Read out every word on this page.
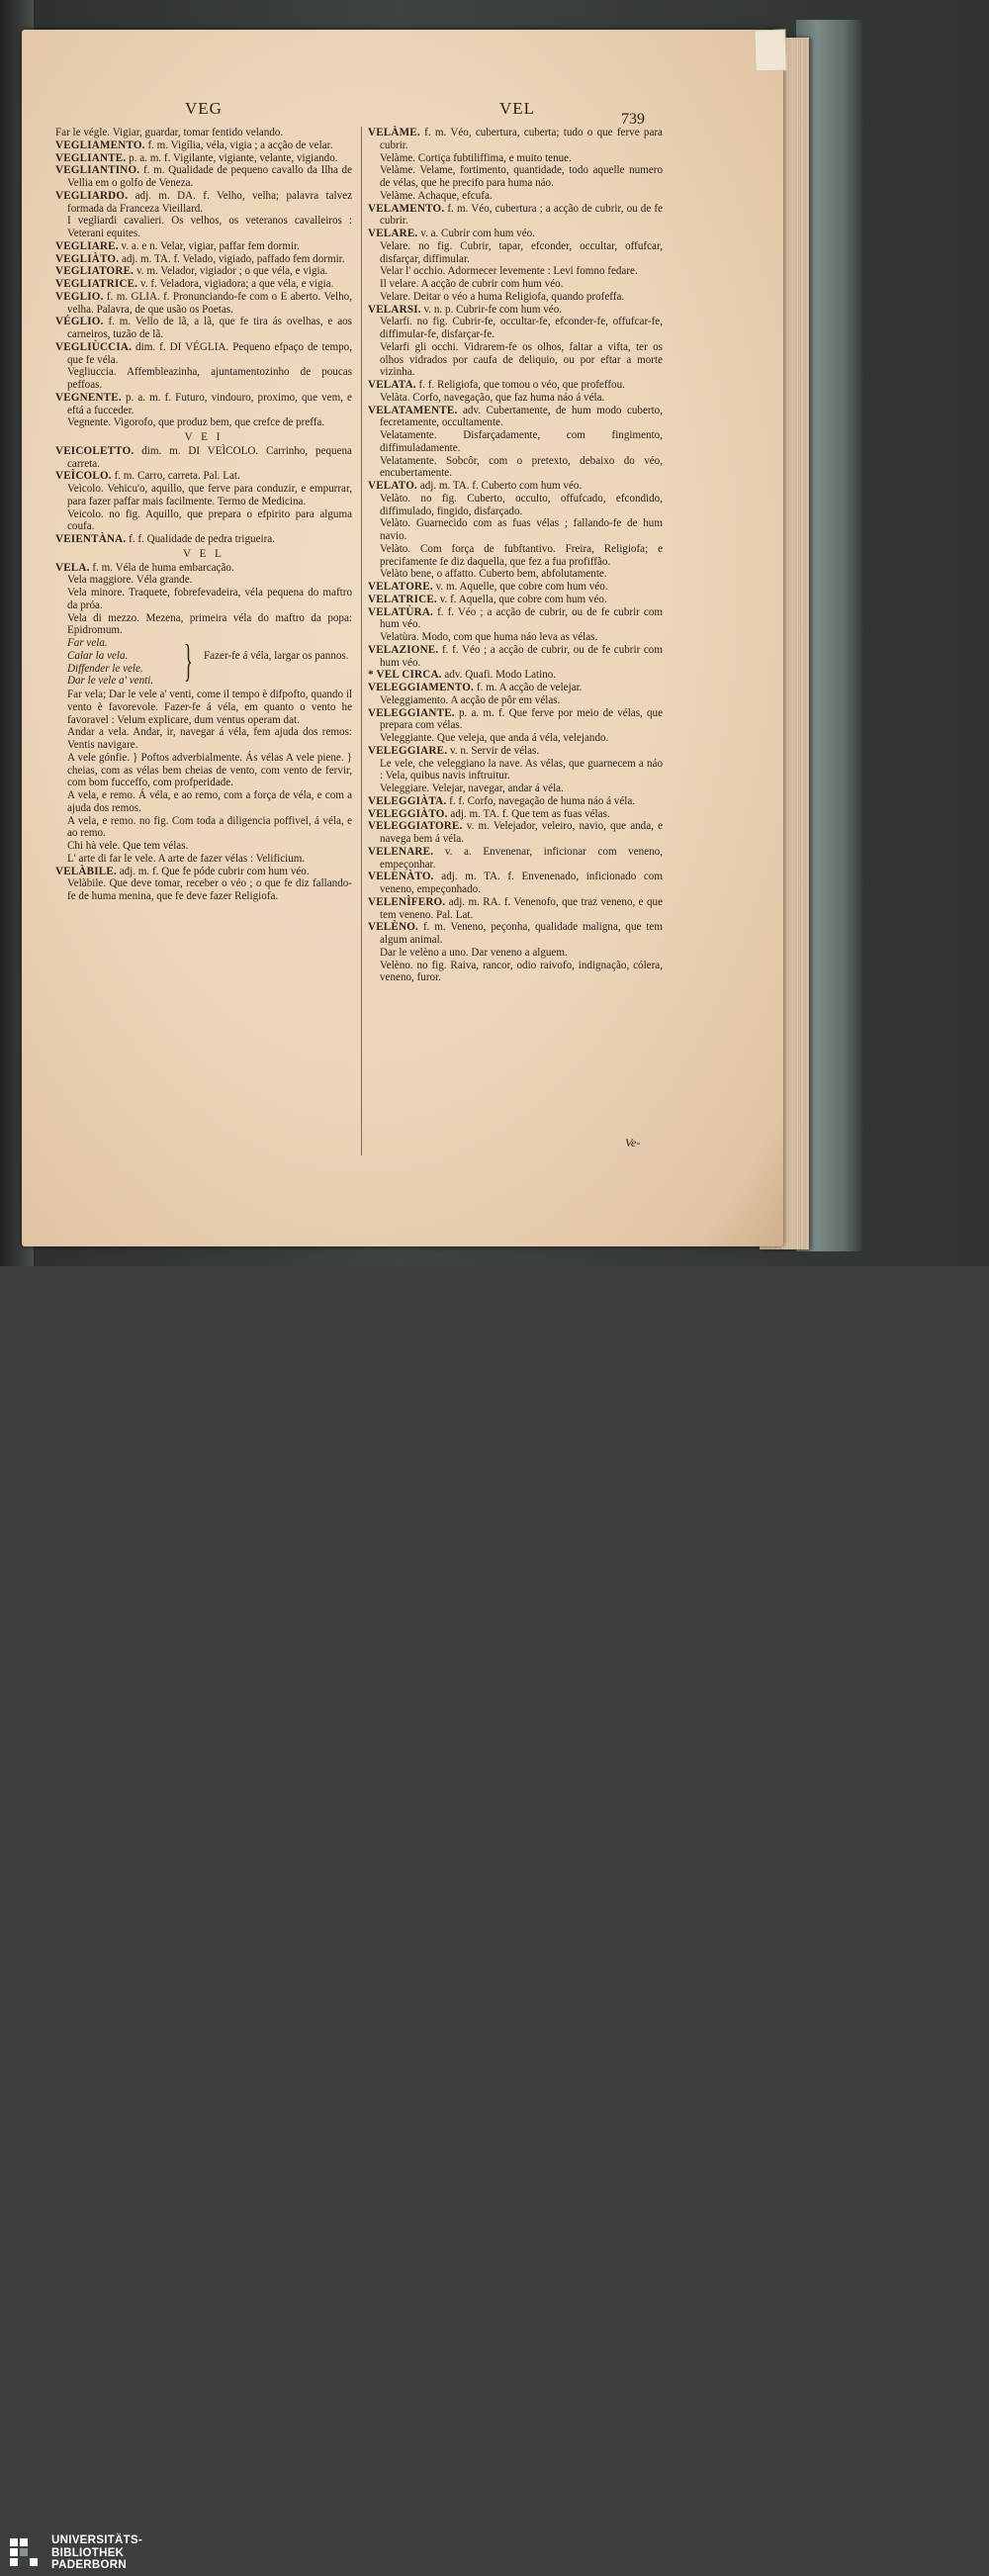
VEG	VEL
739

Far le végle. Vigiar, guardar, tomar fentido velando.

VEGLIAMENTO. f. m. Vigília, véla, vigia ; a acção de velar.

VEGLIANTE. p. a. m. f. Vigilante, vigiante, velante, vigiando.

VEGLIANTINO. f. m. Qualidade de pequeno cavallo da Ilha de Vellia em o golfo de Veneza.

VEGLIARDO. adj. m. DA. f. Velho, velha; palavra talvez formada da Franceza Vieillard.

I vegliardi cavalieri. Os velhos, os veteranos cavalleiros : Veterani equites.

VEGLIARE. v. a. e n. Velar, vigiar, paffar fem dormir.

VEGLIÀTO. adj. m. TA. f. Velado, vigiado, paffado fem dormir.

VEGLIATORE. v. m. Velador, vigiador ; o que véla, e vigia.

VEGLIATRICE. v. f. Veladora, vigiadora; a que véla, e vigia.

VEGLIO. f. m. GLIA. f. Pronunciando-fe com o E aberto. Velho, velha. Palavra, de que usão os Poetas.

VÉGLIO. f. m. Vello de lã, a lã, que fe tira ás ovelhas, e aos carneiros, tuzão de lã.

VEGLIÙCCIA. dim. f. DI VÉGLIA. Pequeno efpaço de tempo, que fe véla.

Vegliuccia. Affembleazinha, ajuntamentozinho de poucas peffoas.

VEGNENTE. p. a. m. f. Futuro, vindouro, proximo, que vem, e eftá a fucceder.

Vegnente. Vigorofo, que produz bem, que crefce de preffa.

V E I

VEICOLETTO. dim. m. DI VEÌCOLO. Carrinho, pequena carreta.

VEÌCOLO. f. m. Carro, carreta. Pal. Lat.

Veìcolo. Vehicu'o, aquillo, que ferve para conduzir, e empurrar, para fazer paffar mais facilmente. Termo de Medicina.

Veicolo. no fig. Aquillo, que prepara o efpirito para alguma coufa.

VEIENTÀNA. f. f. Qualidade de pedra trigueira.

V E L

VELA. f. m. Véla de huma embarcação.

Vela maggiore. Véla grande.

Vela minore. Traquete, fobrefevadeira, véla pequena do maftro da próa.

Vela di mezzo. Mezena, primeira véla do maftro da popa: Epidromum.

Far vela.
Calar la vela.
Diffender le vele.
Dar le vele a' venti. } Fazer-fe á véla, largar os pannos.

Far vela; Dar le vele a' venti, come il tempo è difpofto, quando il vento è favorevole. Fazer-fe á véla, em quanto o vento he favoravel : Velum explicare, dum ventus operam dat.

Andar a vela. Andar, ir, navegar á véla, fem ajuda dos remos: Ventis navigare.

A vele gónfie. } Poftos adverbialmente. Ás vélas A vele piene. } cheias, com as vélas bem cheias de vento, com vento de fervir, com bom fucceffo, com profperidade.

A vela, e remo. Á véla, e ao remo, com a força de véla, e com a ajuda dos remos.

A vela, e remo. no fig. Com toda a diligencia poffivel, á véla, e ao remo.

Chi hà vele. Que tem vélas.

L' arte di far le vele. A arte de fazer vélas : Velificium.

VELÀBILE. adj. m. f. Que fe póde cubrir com hum véo.

Velàbile. Que deve tomar, receber o véo ; o que fe diz fallando-fe de huma menina, que fe deve fazer Religiofa.

VELÀME. f. m. Véo, cubertura, cuberta; tudo o que ferve para cubrir.

Velàme. Cortiça fubtiliffima, e muito tenue.

Velàme. Velame, fortimento, quantidade, todo aquelle numero de vélas, que he precifo para huma náo.

Velàme. Achaque, efcufa.

VELAMENTO. f. m. Véo, cubertura ; a acção de cubrir, ou de fe cubrir.

VELARE. v. a. Cubrir com hum véo.

Velare. no fig. Cubrir, tapar, efconder, occultar, offufcar, disfarçar, diffimular.

Velar l' occhio. Adormecer levemente : Levi fomno fedare.

Il velare. A acção de cubrir com hum véo.

Velare. Deitar o véo a huma Religiofa, quando profeffa.

VELARSI. v. n. p. Cubrir-fe com hum véo.

Velarfi. no fig. Cubrir-fe, occultar-fe, efconder-fe, offufcar-fe, diffimular-fe, disfarçar-fe.

Velarfi gli occhi. Vidrarem-fe os olhos, faltar a vifta, ter os olhos vidrados por caufa de deliquio, ou por eftar a morte vizinha.

VELATA. f. f. Religiofa, que tomou o véo, que profeffou.

Velàta. Corfo, navegação, que faz huma náo á véla.

VELATAMENTE. adv. Cubertamente, de hum modo cuberto, fecretamente, occultamente.

Velatamente. Disfarçadamente, com fingimento, diffimuladamente.

Velatamente. Sobcôr, com o pretexto, debaixo do véo, encubertamente.

VELATO. adj. m. TA. f. Cuberto com hum véo.

Velàto. no fig. Cuberto, occulto, offufcado, efcondido, diffimulado, fingido, disfarçado.

Velàto. Guarnecido com as fuas vélas ; fallando-fe de hum navio.

Velàto. Com força de fubftantivo. Freira, Religiofa; e precifamente fe diz daquella, que fez a fua profiffão.

Velàto bene, o affatto. Cuberto bem, abfolutamente.

VELATORE. v. m. Aquelle, que cobre com hum véo.

VELATRICE. v. f. Aquella, que cobre com hum véo.

VELATÙRA. f. f. Véo ; a acção de cubrir, ou de fe cubrir com hum véo.

Velatùra. Modo, com que huma náo leva as vélas.

VELAZIONE. f. f. Véo ; a acção de cubrir, ou de fe cubrir com hum véo.

* VEL CIRCA. adv. Quafi. Modo Latino.

VELEGGIAMENTO. f. m. A acção de velejar.

Veleggiamento. A acção de pôr em vélas.

VELEGGIANTE. p. a. m. f. Que ferve por meio de vélas, que prepara com vélas.

Veleggiante. Que veleja, que anda á véla, velejando.

VELEGGIARE. v. n. Servir de vélas.

Le vele, che veleggiano la nave. As vélas, que guarnecem a náo : Vela, quibus navis inftruitur.

Veleggiare. Velejar, navegar, andar á véla.

VELEGGIÀTA. f. f. Corfo, navegação de huma náo á véla.

VELEGGIÀTO. adj. m. TA. f. Que tem as fuas vélas.

VELEGGIATORE. v. m. Velejador, veleiro, navio, que anda, e navega bem á véla.

VELENARE. v. a. Envenenar, inficionar com veneno, empeçonhar.

VELENÀTO. adj. m. TA. f. Envenenado, inficionado com veneno, empeçonhado.

VELENÌFERO. adj. m. RA. f. Venenofo, que traz veneno, e que tem veneno. Pal. Lat.

VELÈNO. f. m. Veneno, peçonha, qualidade maligna, que tem algum animal.

Dar le velèno a uno. Dar veneno a alguem.

Velèno. no fig. Raiva, rancor, odio raivofo, indignação, cólera, veneno, furor.

Ve-
UNIVERSITÄTS-
BIBLIOTHEK
PADERBORN
